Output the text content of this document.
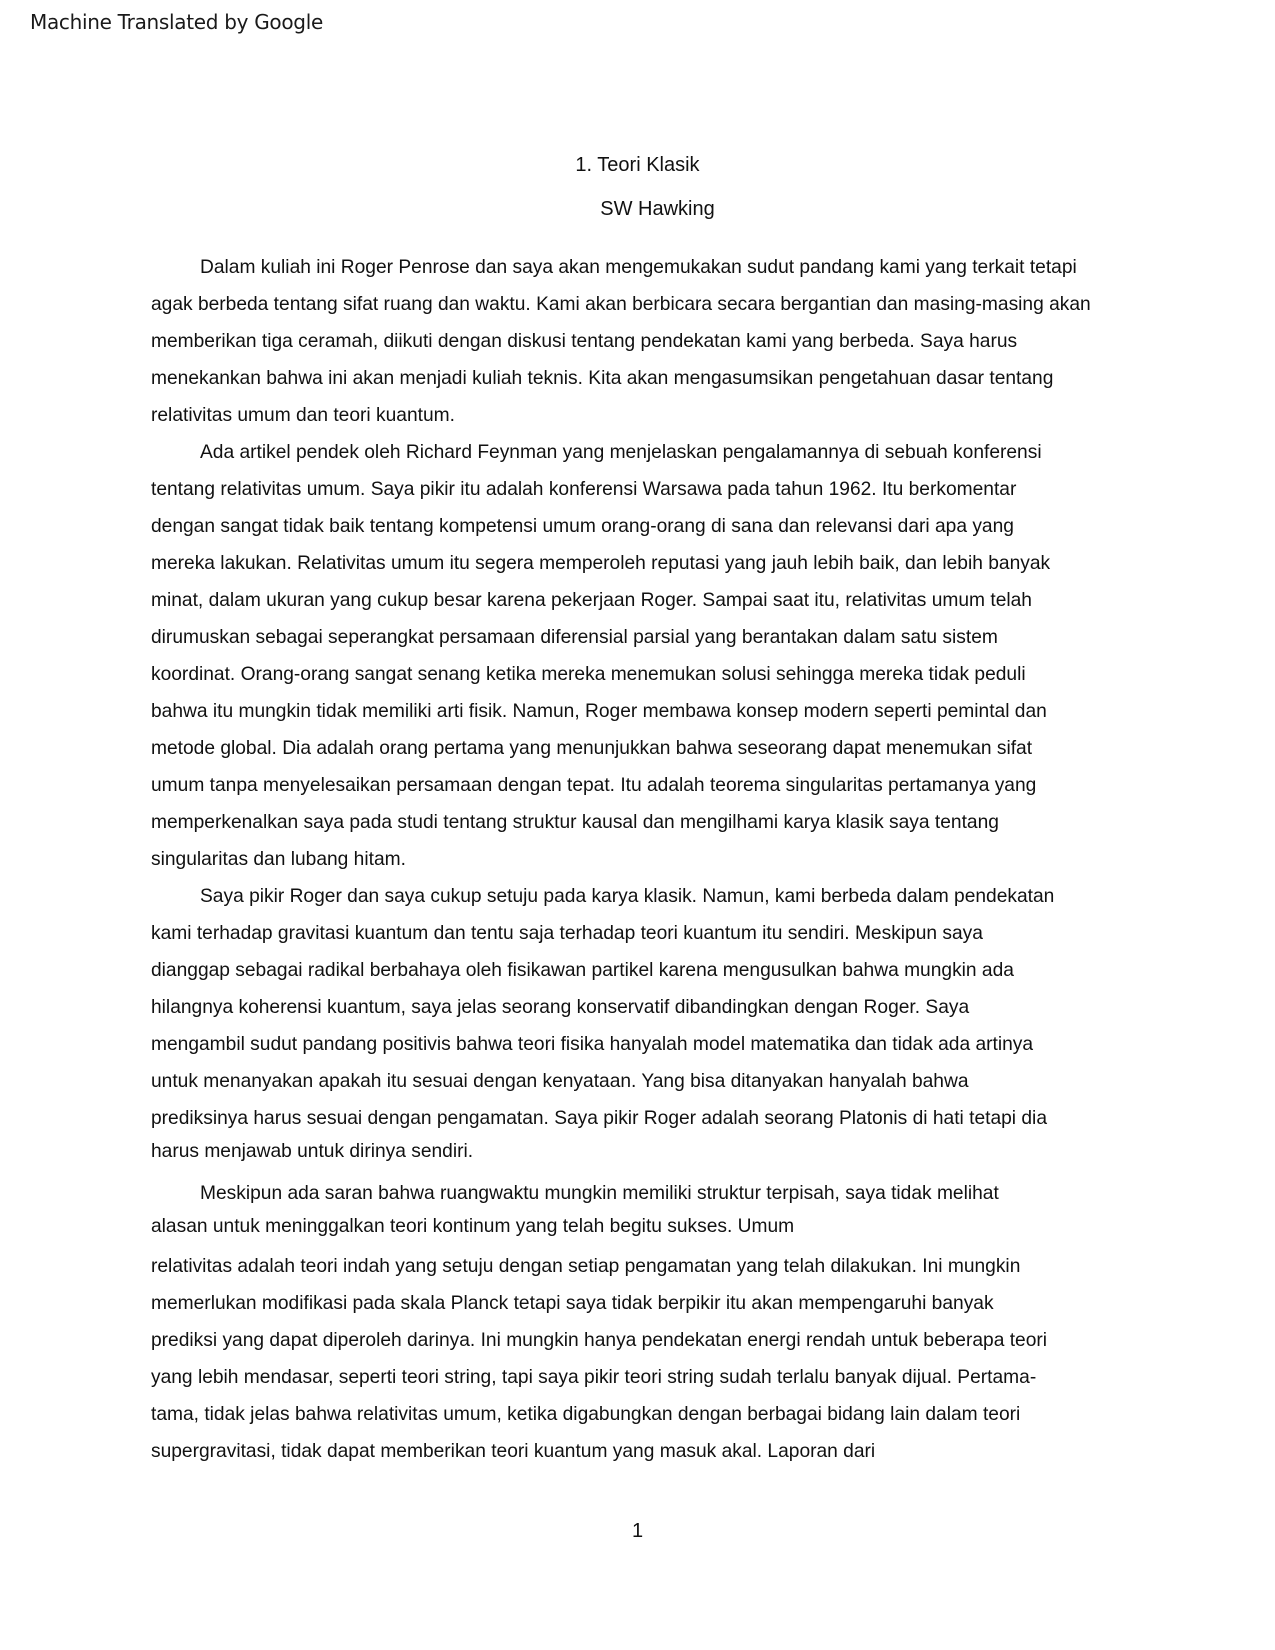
Machine Translated by Google
1. Teori Klasik
SW Hawking
Dalam kuliah ini Roger Penrose dan saya akan mengemukakan sudut pandang kami yang terkait tetapi
agak berbeda tentang sifat ruang dan waktu. Kami akan berbicara secara bergantian dan masing-masing akan
memberikan tiga ceramah, diikuti dengan diskusi tentang pendekatan kami yang berbeda. Saya harus
menekankan bahwa ini akan menjadi kuliah teknis. Kita akan mengasumsikan pengetahuan dasar tentang
relativitas umum dan teori kuantum.
Ada artikel pendek oleh Richard Feynman yang menjelaskan pengalamannya di sebuah konferensi
tentang relativitas umum. Saya pikir itu adalah konferensi Warsawa pada tahun 1962. Itu berkomentar
dengan sangat tidak baik tentang kompetensi umum orang-orang di sana dan relevansi dari apa yang
mereka lakukan. Relativitas umum itu segera memperoleh reputasi yang jauh lebih baik, dan lebih banyak
minat, dalam ukuran yang cukup besar karena pekerjaan Roger. Sampai saat itu, relativitas umum telah
dirumuskan sebagai seperangkat persamaan diferensial parsial yang berantakan dalam satu sistem
koordinat. Orang-orang sangat senang ketika mereka menemukan solusi sehingga mereka tidak peduli
bahwa itu mungkin tidak memiliki arti fisik. Namun, Roger membawa konsep modern seperti pemintal dan
metode global. Dia adalah orang pertama yang menunjukkan bahwa seseorang dapat menemukan sifat
umum tanpa menyelesaikan persamaan dengan tepat. Itu adalah teorema singularitas pertamanya yang
memperkenalkan saya pada studi tentang struktur kausal dan mengilhami karya klasik saya tentang
singularitas dan lubang hitam.
Saya pikir Roger dan saya cukup setuju pada karya klasik. Namun, kami berbeda dalam pendekatan
kami terhadap gravitasi kuantum dan tentu saja terhadap teori kuantum itu sendiri. Meskipun saya
dianggap sebagai radikal berbahaya oleh fisikawan partikel karena mengusulkan bahwa mungkin ada
hilangnya koherensi kuantum, saya jelas seorang konservatif dibandingkan dengan Roger. Saya
mengambil sudut pandang positivis bahwa teori fisika hanyalah model matematika dan tidak ada artinya
untuk menanyakan apakah itu sesuai dengan kenyataan. Yang bisa ditanyakan hanyalah bahwa
prediksinya harus sesuai dengan pengamatan. Saya pikir Roger adalah seorang Platonis di hati tetapi dia
harus menjawab untuk dirinya sendiri.
Meskipun ada saran bahwa ruangwaktu mungkin memiliki struktur terpisah, saya tidak melihat
alasan untuk meninggalkan teori kontinum yang telah begitu sukses. Umum
relativitas adalah teori indah yang setuju dengan setiap pengamatan yang telah dilakukan. Ini mungkin
memerlukan modifikasi pada skala Planck tetapi saya tidak berpikir itu akan mempengaruhi banyak
prediksi yang dapat diperoleh darinya. Ini mungkin hanya pendekatan energi rendah untuk beberapa teori
yang lebih mendasar, seperti teori string, tapi saya pikir teori string sudah terlalu banyak dijual. Pertama-
tama, tidak jelas bahwa relativitas umum, ketika digabungkan dengan berbagai bidang lain dalam teori
supergravitasi, tidak dapat memberikan teori kuantum yang masuk akal. Laporan dari
1
